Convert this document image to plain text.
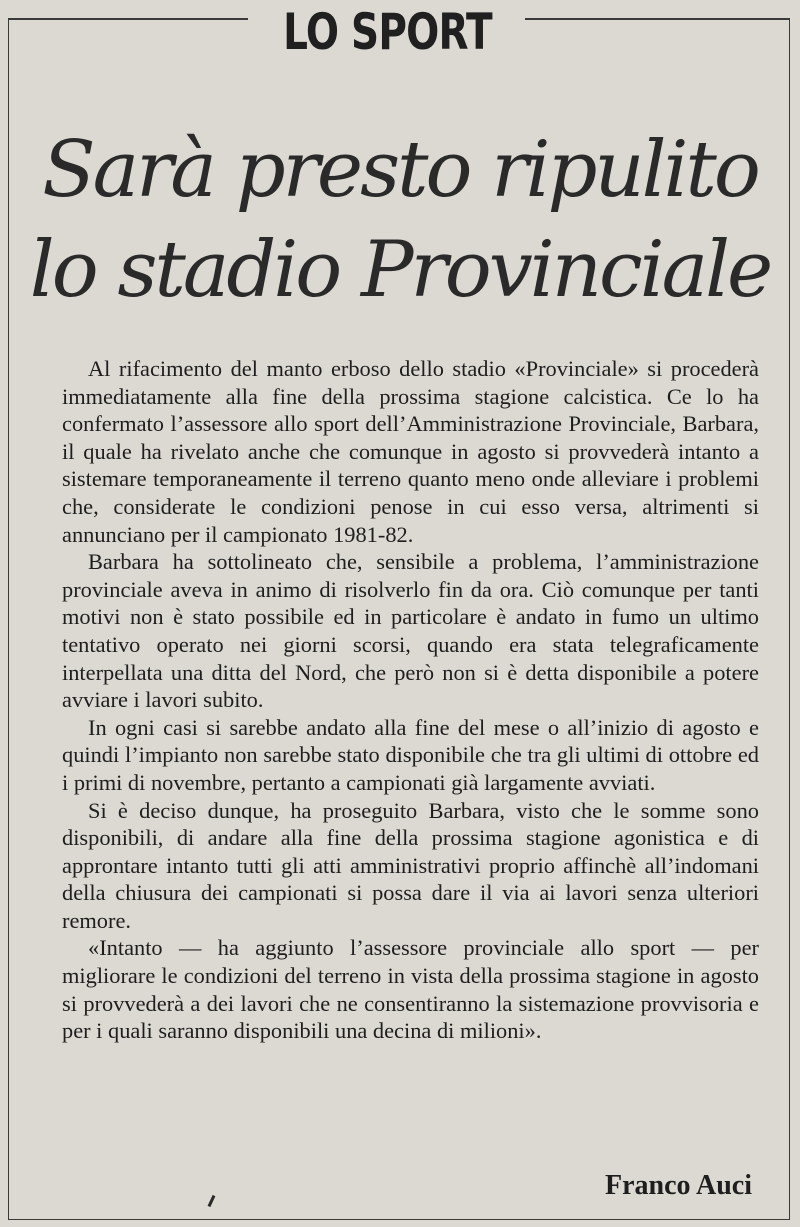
LO SPORT
Sarà presto ripulito
lo stadio Provinciale

Al rifacimento del manto erboso dello stadio «Provinciale» si procederà immediatamente alla fine della prossima stagione calcistica. Ce lo ha confermato l’assessore allo sport dell’Amministrazione Provinciale, Barbara, il quale ha rivelato anche che comunque in agosto si provvederà intanto a sistemare temporaneamente il terreno quanto meno onde alleviare i problemi che, considerate le condizioni penose in cui esso versa, altrimenti si annunciano per il campionato 1981-82.

Barbara ha sottolineato che, sensibile a problema, l’amministrazione provinciale aveva in animo di risolverlo fin da ora. Ciò comunque per tanti motivi non è stato possibile ed in particolare è andato in fumo un ultimo tentativo operato nei giorni scorsi, quando era stata telegraficamente interpellata una ditta del Nord, che però non si è detta disponibile a potere avviare i lavori subito.

In ogni casi si sarebbe andato alla fine del mese o all’inizio di agosto e quindi l’impianto non sarebbe stato disponibile che tra gli ultimi di ottobre ed i primi di novembre, pertanto a campionati già largamente avviati.

Si è deciso dunque, ha proseguito Barbara, visto che le somme sono disponibili, di andare alla fine della prossima stagione agonistica e di approntare intanto tutti gli atti amministrativi proprio affinchè all’indomani della chiusura dei campionati si possa dare il via ai lavori senza ulteriori remore.

«Intanto — ha aggiunto l’assessore provinciale allo sport — per migliorare le condizioni del terreno in vista della prossima stagione in agosto si provvederà a dei lavori che ne consentiranno la sistemazione provvisoria e per i quali saranno disponibili una decina di milioni».

Franco Auci
